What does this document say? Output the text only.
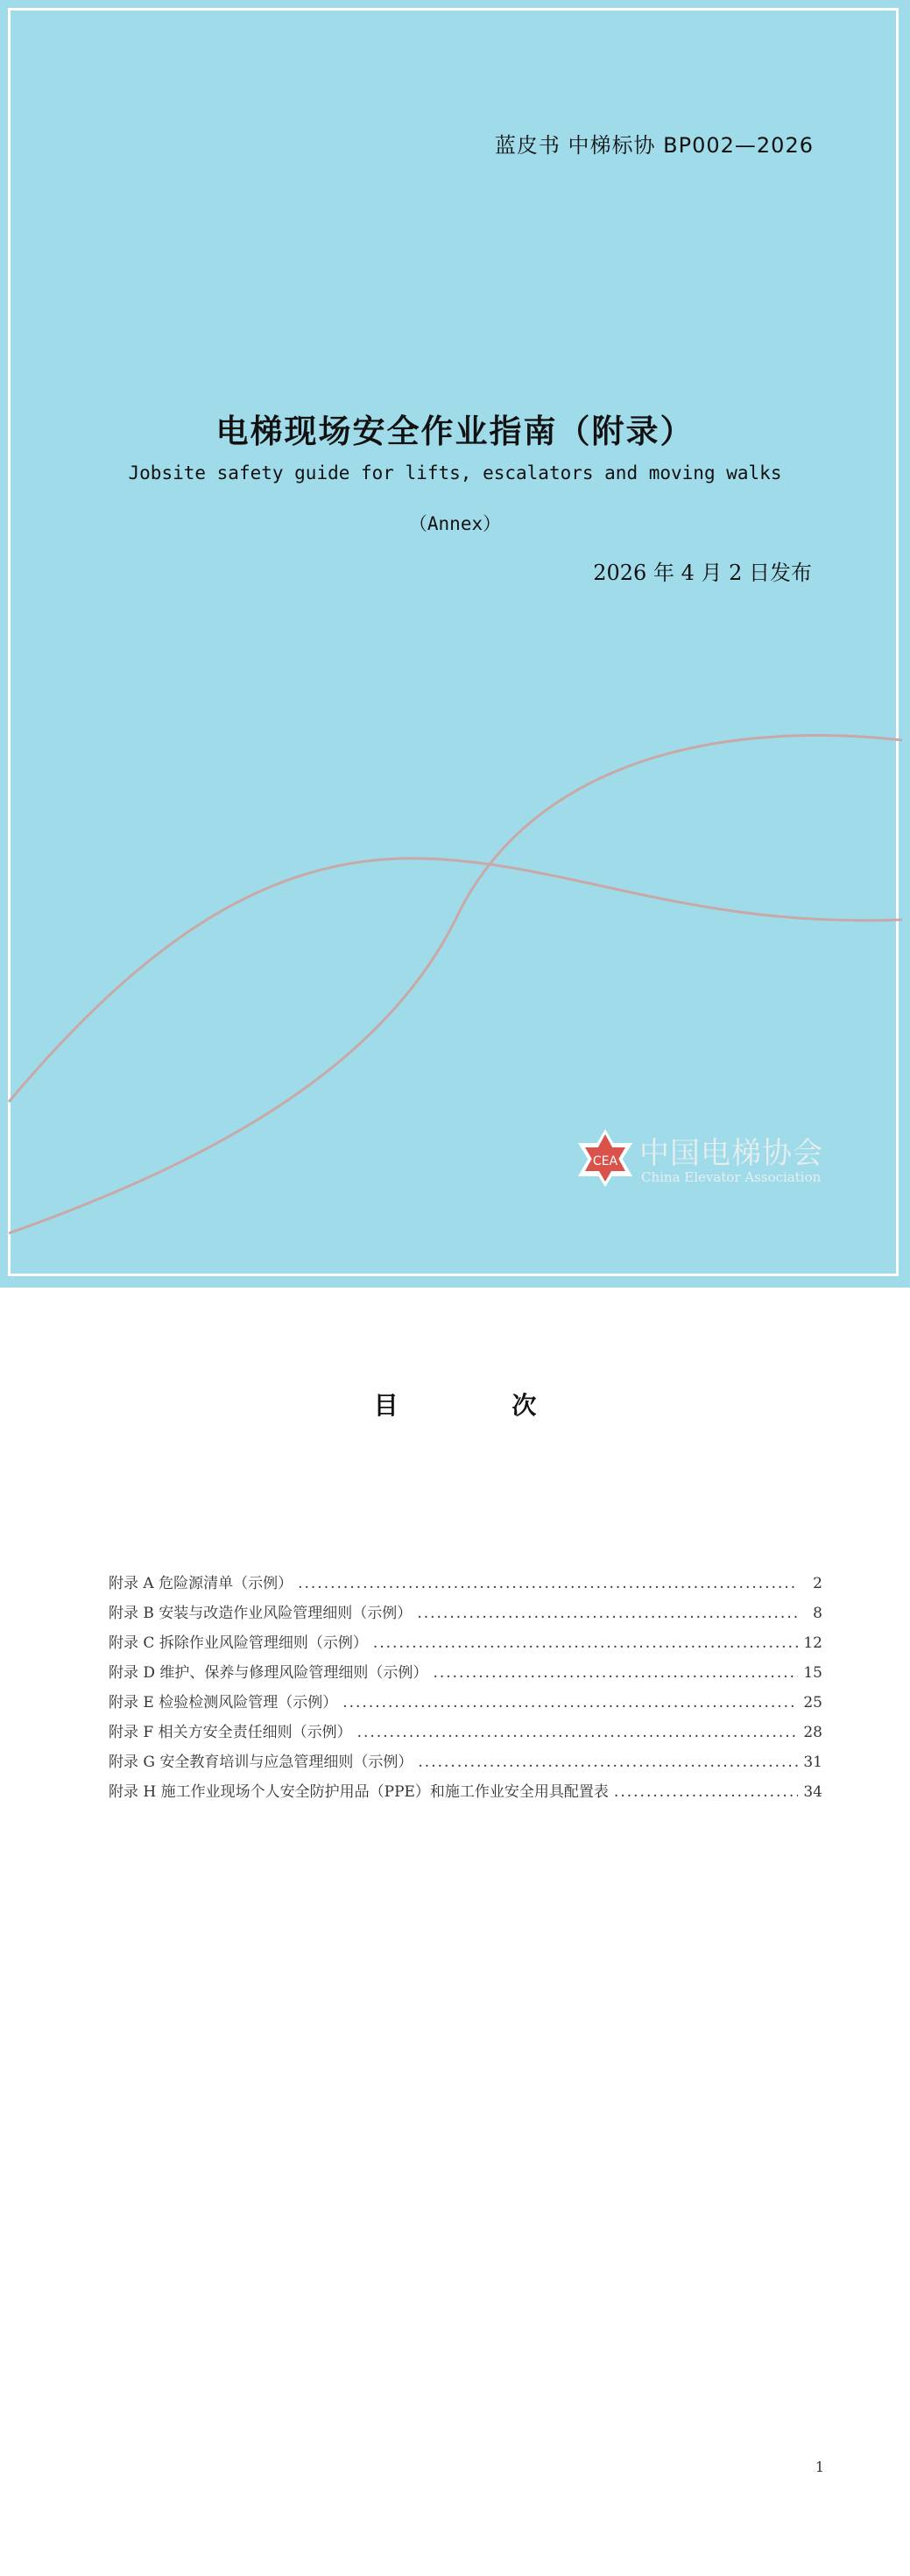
蓝皮书 中梯标协 BP002—2026
电梯现场安全作业指南（附录）
Jobsite safety guide for lifts, escalators and moving walks
（Annex）
2026 年 4 月 2 日发布
CEA 中国电梯协会
China Elevator Association
目 次
附录 A 危险源清单（示例） .....	2
附录 B 安装与改造作业风险管理细则（示例） .....	8
附录 C 拆除作业风险管理细则（示例） .....	12
附录 D 维护、保养与修理风险管理细则（示例） .....	15
附录 E 检验检测风险管理（示例） .....	25
附录 F 相关方安全责任细则（示例） .....	28
附录 G 安全教育培训与应急管理细则（示例） .....	31
附录 H 施工作业现场个人安全防护用品（PPE）和施工作业安全用具配置表 .....	34
1
